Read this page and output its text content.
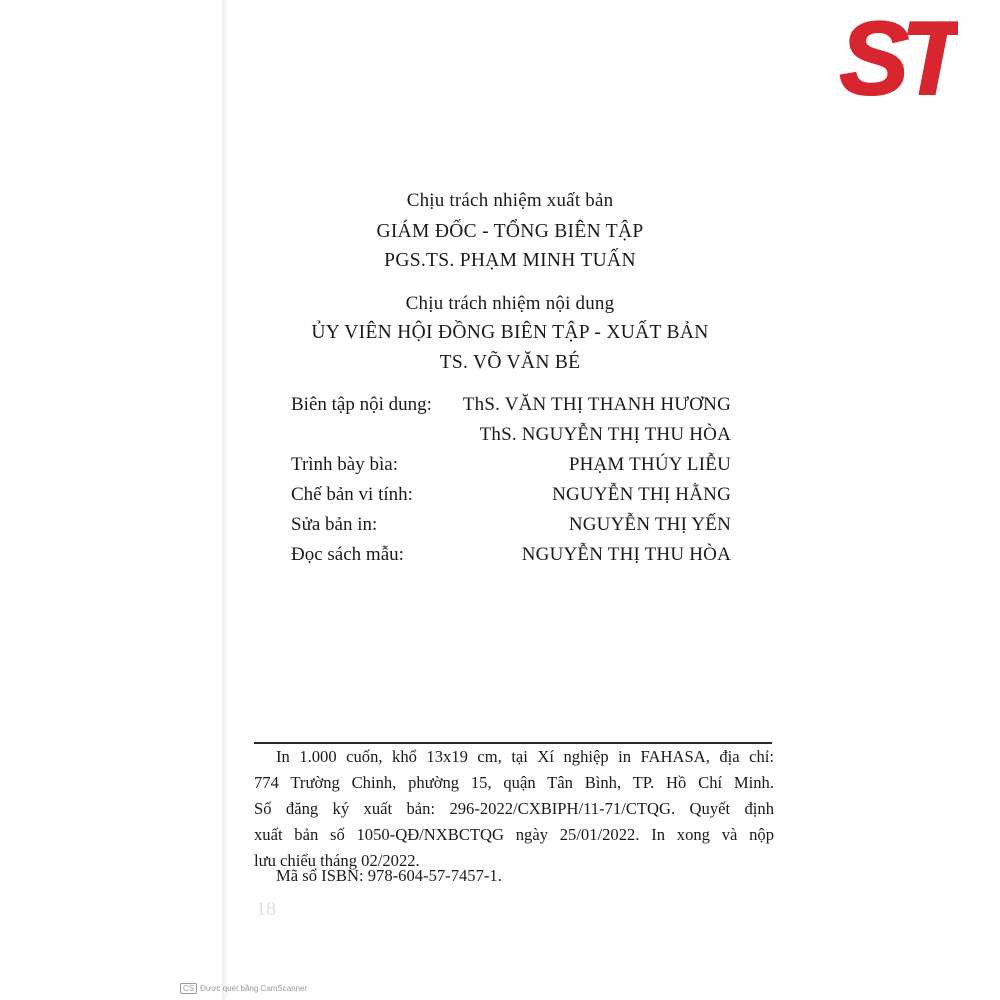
ST
Chịu trách nhiệm xuất bản
GIÁM ĐỐC - TỔNG BIÊN TẬP
PGS.TS. PHẠM MINH TUẤN
Chịu trách nhiệm nội dung
ỦY VIÊN HỘI ĐỒNG BIÊN TẬP - XUẤT BẢN
TS. VÕ VĂN BÉ
Biên tập nội dung: ThS. VĂN THỊ THANH HƯƠNG
ThS. NGUYỄN THỊ THU HÒA
Trình bày bìa:	PHẠM THÚY LIỄU
Chế bản vi tính:	NGUYỄN THỊ HẰNG
Sửa bản in:	NGUYỄN THỊ YẾN
Đọc sách mẫu:	NGUYỄN THỊ THU HÒA
In 1.000 cuốn, khổ 13x19 cm, tại Xí nghiệp in FAHASA, địa chỉ:
774 Trường Chinh, phường 15, quận Tân Bình, TP. Hồ Chí Minh.
Số đăng ký xuất bản: 296-2022/CXBIPH/11-71/CTQG. Quyết định
xuất bản số 1050-QĐ/NXBCTQG ngày 25/01/2022. In xong và nộp
lưu chiểu tháng 02/2022.
Mã số ISBN: 978-604-57-7457-1.
18
CS Được quét bằng CamScanner
